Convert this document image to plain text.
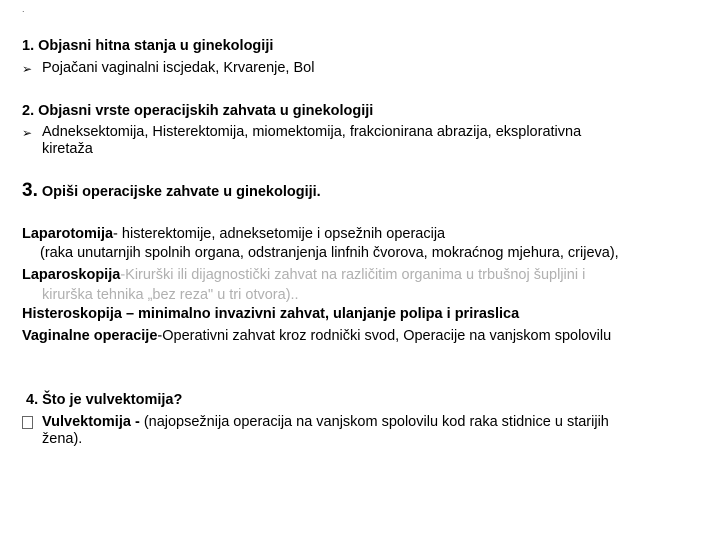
.
1. Objasni hitna stanja u ginekologiji
➢ Pojačani vaginalni iscjedak, Krvarenje, Bol
2. Objasni vrste operacijskih zahvata u ginekologiji
➢ Adneksektomija, Histerektomija, miomektomija, frakcionirana abrazija, eksplorativna
kiretaža
3. Opiši operacijske zahvate u ginekologiji.
Laparotomija- histerektomije, adneksetomije i opsežnih operacija
(raka unutarnjih spolnih organa, odstranjenja linfnih čvorova, mokraćnog mjehura, crijeva),
Laparoskopija-Kirurški ili dijagnostički zahvat na različitim organima u trbušnoj šupljini i
kirurška tehnika „bez reza" u tri otvora)..
Histeroskopija – minimalno invazivni zahvat, ulanjanje polipa i priraslica
Vaginalne operacije-Operativni zahvat kroz rodnički svod, Operacije na vanjskom spolovilu
4. Što je vulvektomija?
Vulvektomija - (najopsežnija operacija na vanjskom spolovilu kod raka stidnice u starijih
žena).
